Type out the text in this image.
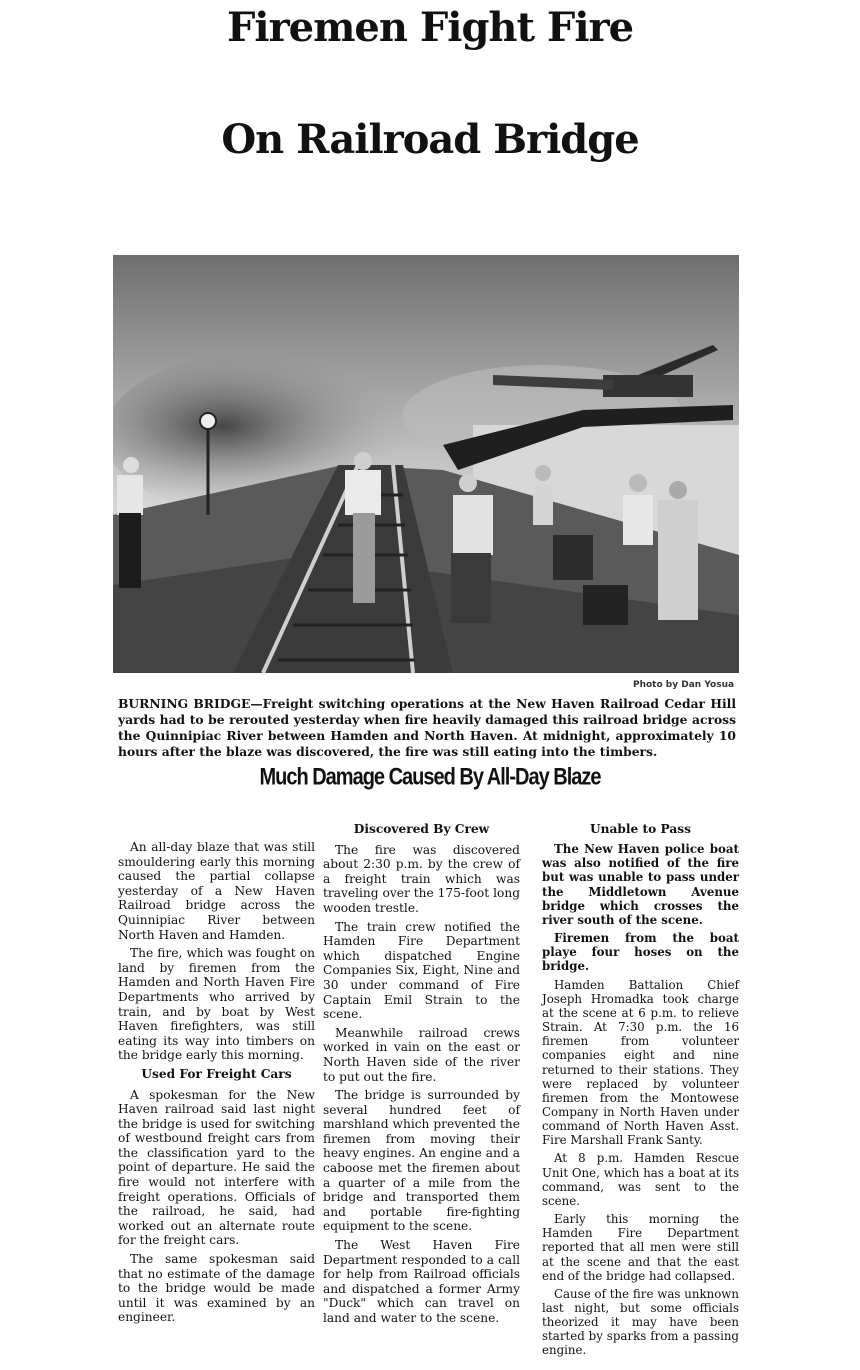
Firemen Fight Fire
On Railroad Bridge
Photo by Dan Yosua
BURNING BRIDGE—Freight switching operations at the New Haven Railroad Cedar Hill yards had to be rerouted yesterday when fire heavily damaged this railroad bridge across the Quinnipiac River between Hamden and North Haven. At midnight, approximately 10 hours after the blaze was discovered, the fire was still eating into the timbers.
Much Damage Caused By All-Day Blaze

An all-day blaze that was still smouldering early this morning caused the partial collapse yesterday of a New Haven Railroad bridge across the Quinnipiac River between North Haven and Hamden.

The fire, which was fought on land by firemen from the Hamden and North Haven Fire Departments who arrived by train, and by boat by West Haven firefighters, was still eating its way into timbers on the bridge early this morning.

Used For Freight Cars

A spokesman for the New Haven railroad said last night the bridge is used for switching of westbound freight cars from the classification yard to the point of departure. He said the fire would not interfere with freight operations. Officials of the railroad, he said, had worked out an alternate route for the freight cars.

The same spokesman said that no estimate of the damage to the bridge would be made until it was examined by an engineer.

Discovered By Crew

The fire was discovered about 2:30 p.m. by the crew of a freight train which was traveling over the 175-foot long wooden trestle.

The train crew notified the Hamden Fire Department which dispatched Engine Companies Six, Eight, Nine and 30 under command of Fire Captain Emil Strain to the scene.

Meanwhile railroad crews worked in vain on the east or North Haven side of the river to put out the fire.

The bridge is surrounded by several hundred feet of marshland which prevented the firemen from moving their heavy engines. An engine and a caboose met the firemen about a quarter of a mile from the bridge and transported them and portable fire-fighting equipment to the scene.

The West Haven Fire Department responded to a call for help from Railroad officials and dispatched a former Army "Duck" which can travel on land and water to the scene.

Unable to Pass

The New Haven police boat was also notified of the fire but was unable to pass under the Middletown Avenue bridge which crosses the river south of the scene.

Firemen from the boat playe four hoses on the bridge.

Hamden Battalion Chief Joseph Hromadka took charge at the scene at 6 p.m. to relieve Strain. At 7:30 p.m. the 16 firemen from volunteer companies eight and nine returned to their stations. They were replaced by volunteer firemen from the Montowese Company in North Haven under command of North Haven Asst. Fire Marshall Frank Santy.

At 8 p.m. Hamden Rescue Unit One, which has a boat at its command, was sent to the scene.

Early this morning the Hamden Fire Department reported that all men were still at the scene and that the east end of the bridge had collapsed.

Cause of the fire was unknown last night, but some officials theorized it may have been started by sparks from a passing engine.
